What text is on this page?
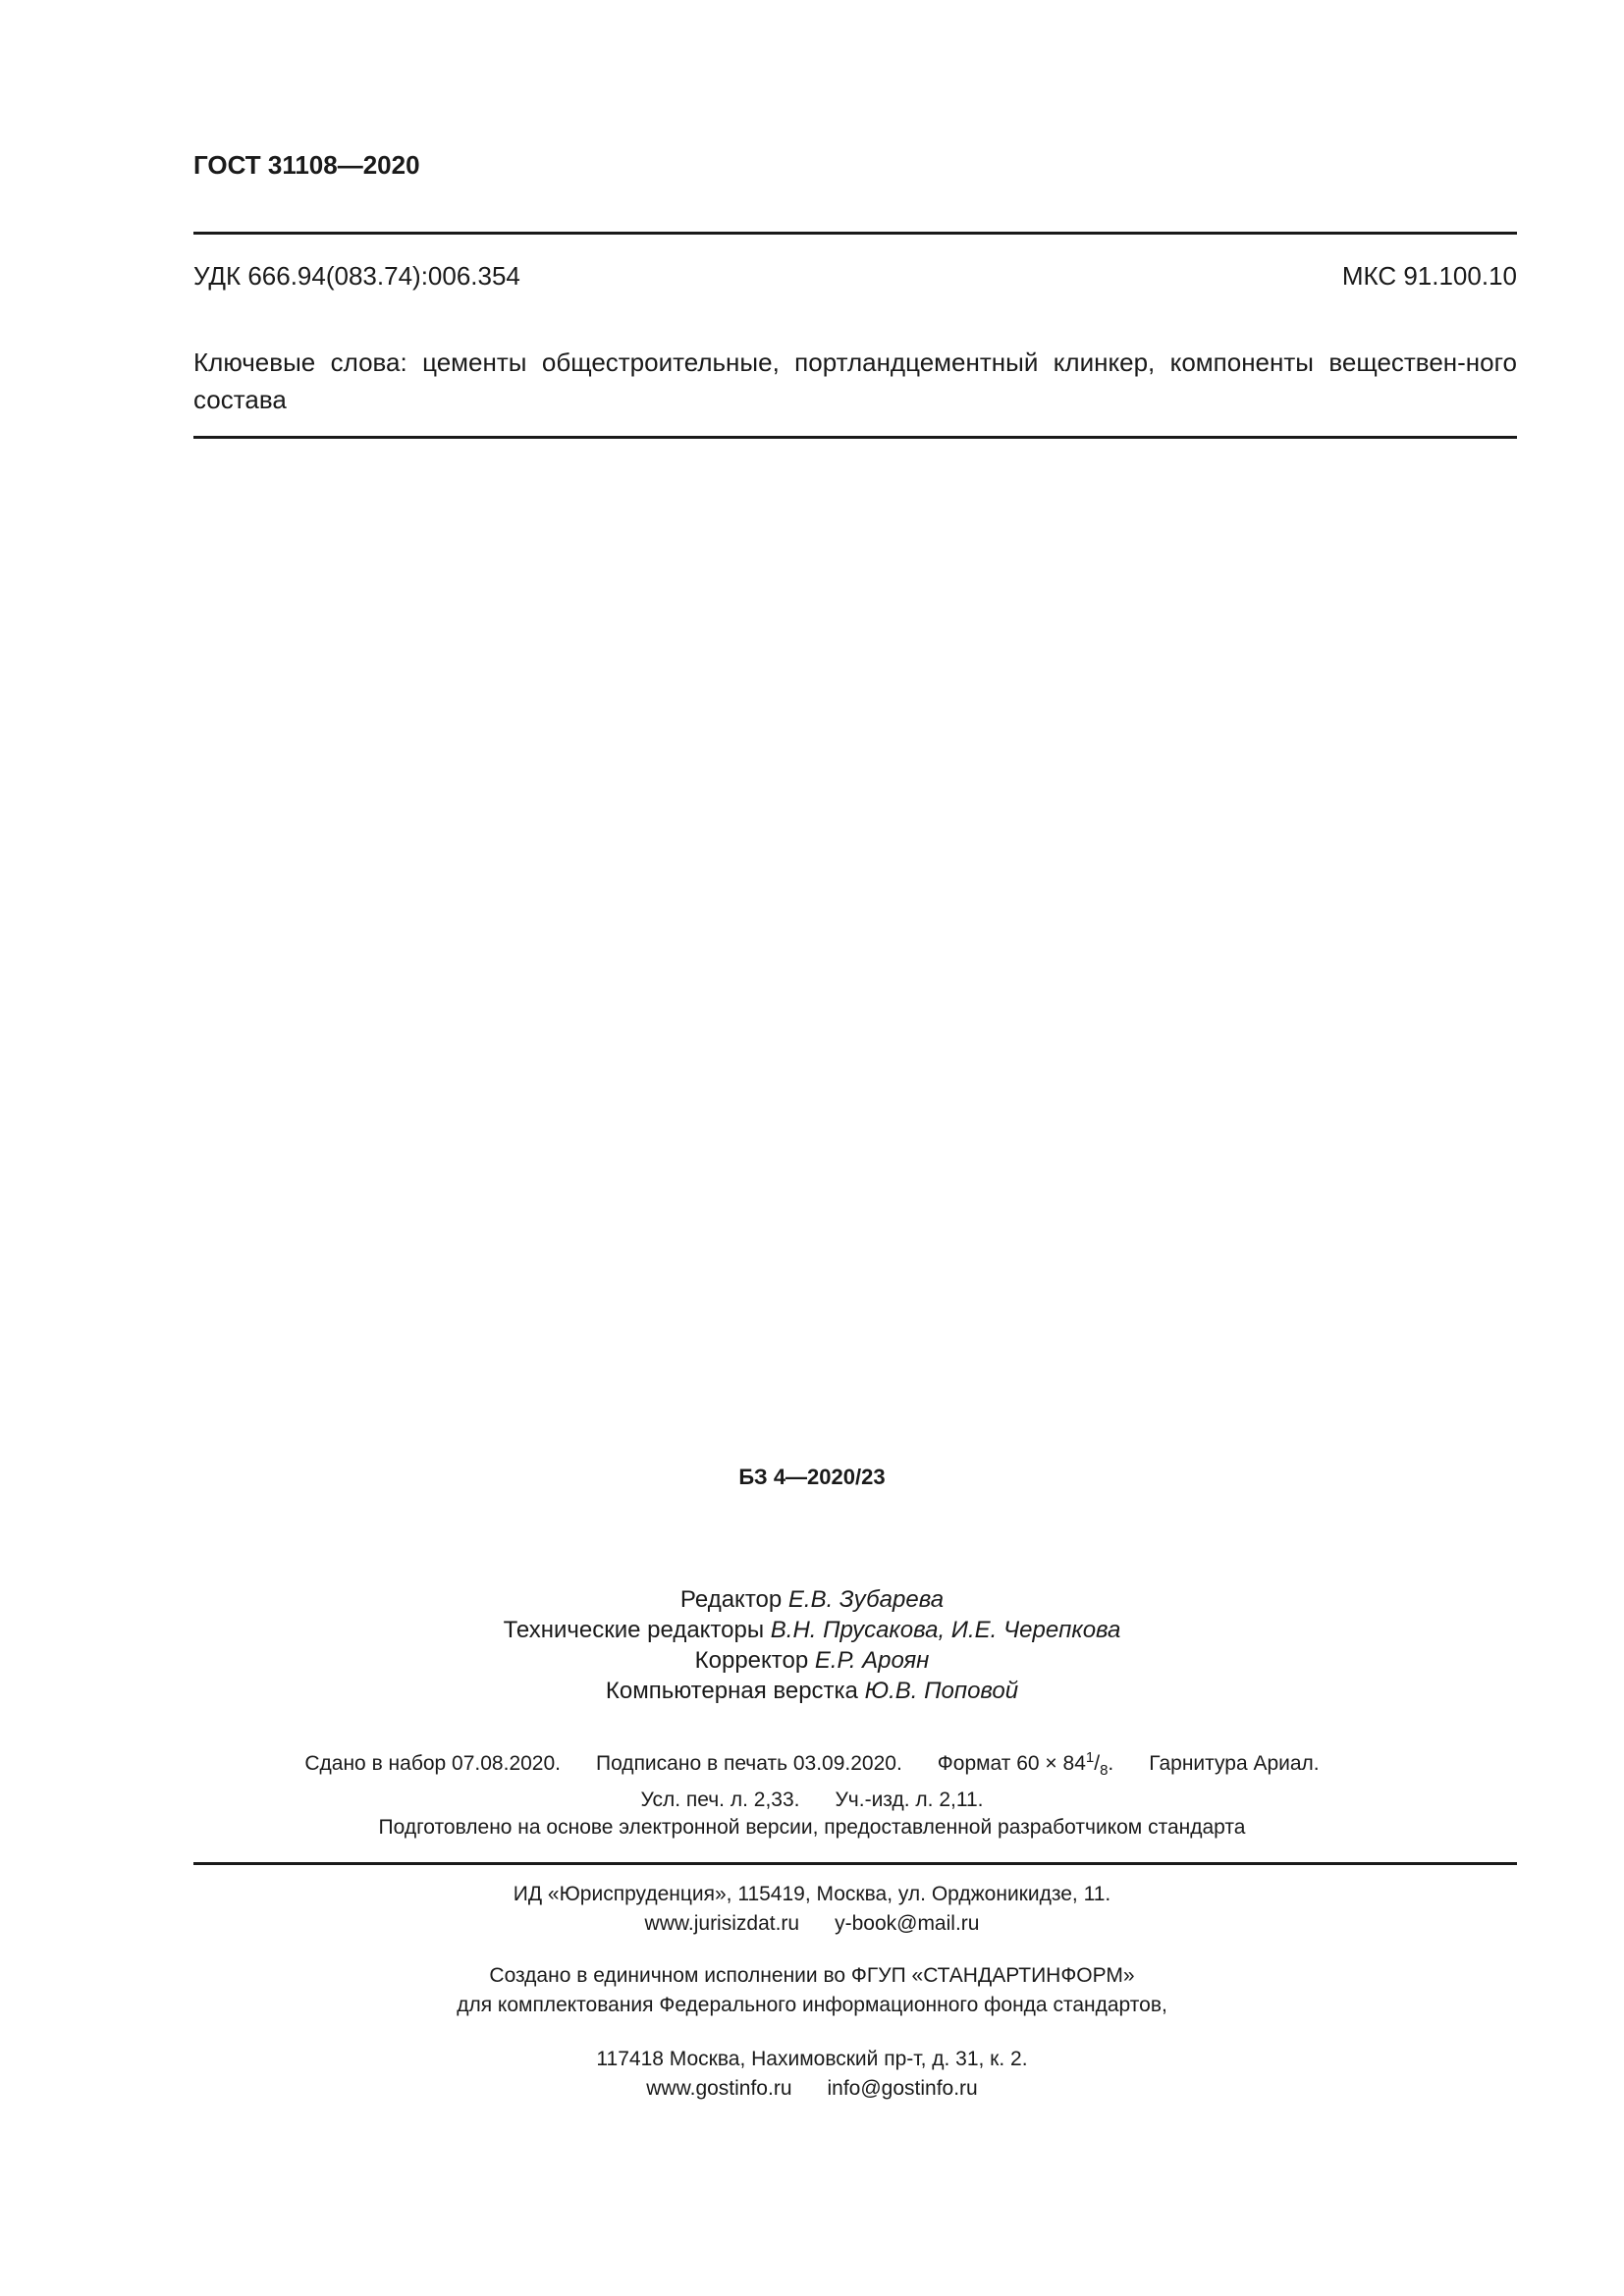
ГОСТ 31108—2020
УДК 666.94(083.74):006.354	МКС 91.100.10
Ключевые слова: цементы общестроительные, портландцементный клинкер, компоненты веществен-ного состава
БЗ 4—2020/23
Редактор Е.В. Зубарева
Технические редакторы В.Н. Прусакова, И.Е. Черепкова
Корректор Е.Р. Ароян
Компьютерная верстка Ю.В. Поповой
Сдано в набор 07.08.2020. Подписано в печать 03.09.2020. Формат $60 \times 84^1/_8$. Гарнитура Ариал.
Усл. печ. л. 2,33. Уч.-изд. л. 2,11.
Подготовлено на основе электронной версии, предоставленной разработчиком стандарта
ИД «Юриспруденция», 115419, Москва, ул. Орджоникидзе, 11.
www.jurisizdat.ru y-book@mail.ru
Создано в единичном исполнении во ФГУП «СТАНДАРТИНФОРМ»
для комплектования Федерального информационного фонда стандартов,
117418 Москва, Нахимовский пр-т, д. 31, к. 2.
www.gostinfo.ru info@gostinfo.ru
